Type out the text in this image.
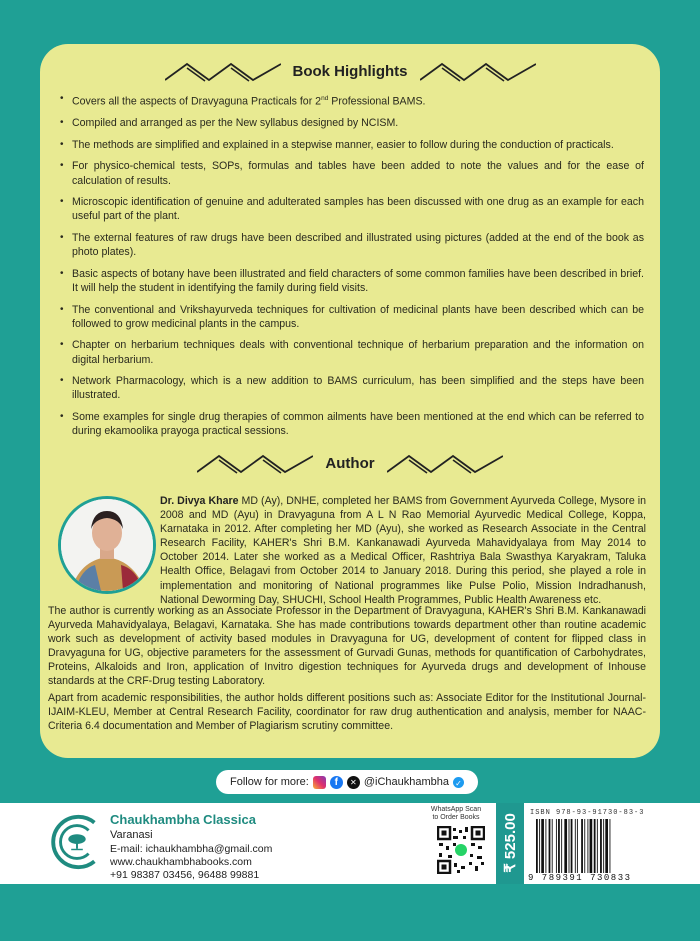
Book Highlights
• Covers all the aspects of Dravyaguna Practicals for 2nd Professional BAMS.
• Compiled and arranged as per the New syllabus designed by NCISM.
• The methods are simplified and explained in a stepwise manner, easier to follow during the conduction of practicals.
• For physico-chemical tests, SOPs, formulas and tables have been added to note the values and for the ease of calculation of results.
• Microscopic identification of genuine and adulterated samples has been discussed with one drug as an example for each useful part of the plant.
• The external features of raw drugs have been described and illustrated using pictures (added at the end of the book as photo plates).
• Basic aspects of botany have been illustrated and field characters of some common families have been described in brief. It will help the student in identifying the family during field visits.
• The conventional and Vrikshayurveda techniques for cultivation of medicinal plants have been described which can be followed to grow medicinal plants in the campus.
• Chapter on herbarium techniques deals with conventional technique of herbarium preparation and the information on digital herbarium.
• Network Pharmacology, which is a new addition to BAMS curriculum, has been simplified and the steps have been illustrated.
• Some examples for single drug therapies of common ailments have been mentioned at the end which can be referred to during ekamoolika prayoga practical sessions.
Author
Dr. Divya Khare MD (Ay), DNHE, completed her BAMS from Government Ayurveda College, Mysore in 2008 and MD (Ayu) in Dravyaguna from A L N Rao Memorial Ayurvedic Medical College, Koppa, Karnataka in 2012. After completing her MD (Ayu), she worked as Research Associate in the Central Research Facility, KAHER's Shri B.M. Kankanawadi Ayurveda Mahavidyalaya from May 2014 to October 2014. Later she worked as a Medical Officer, Rashtriya Bala Swasthya Karyakram, Taluka Health Office, Belagavi from October 2014 to January 2018. During this period, she played a role in implementation and monitoring of National programmes like Pulse Polio, Mission Indradhanush, National Deworming Day, SHUCHI, School Health Programmes, Public Health Awareness etc.
The author is currently working as an Associate Professor in the Department of Dravyaguna, KAHER's Shri B.M. Kankanawadi Ayurveda Mahavidyalaya, Belagavi, Karnataka. She has made contributions towards department other than routine academic work such as development of activity based modules in Dravyaguna for UG, development of content for flipped class in Dravyaguna for UG, objective parameters for the assessment of Gurvadi Gunas, methods for quantification of Carbohydrates, Proteins, Alkaloids and Iron, application of Invitro digestion techniques for Ayurveda drugs and development of Inhouse standards at the CRF-Drug testing Laboratory.
Apart from academic responsibilities, the author holds different positions such as: Associate Editor for the Institutional Journal- IJAIM-KLEU, Member at Central Research Facility, coordinator for raw drug authentication and analysis, member for NAAC- Criteria 6.4 documentation and Member of Plagiarism scrutiny committee.
Follow for more:	f	✕ @iChaukhambha ✓
Chaukhambha Classica
Varanasi
E-mail: ichaukhambha@gmail.com
www.chaukhambhabooks.com
+91 98387 03456, 96488 99881
WhatsApp Scan
to Order Books	₹ 525.00
ISBN 978-93-91730-83-3
9 789391 730833
